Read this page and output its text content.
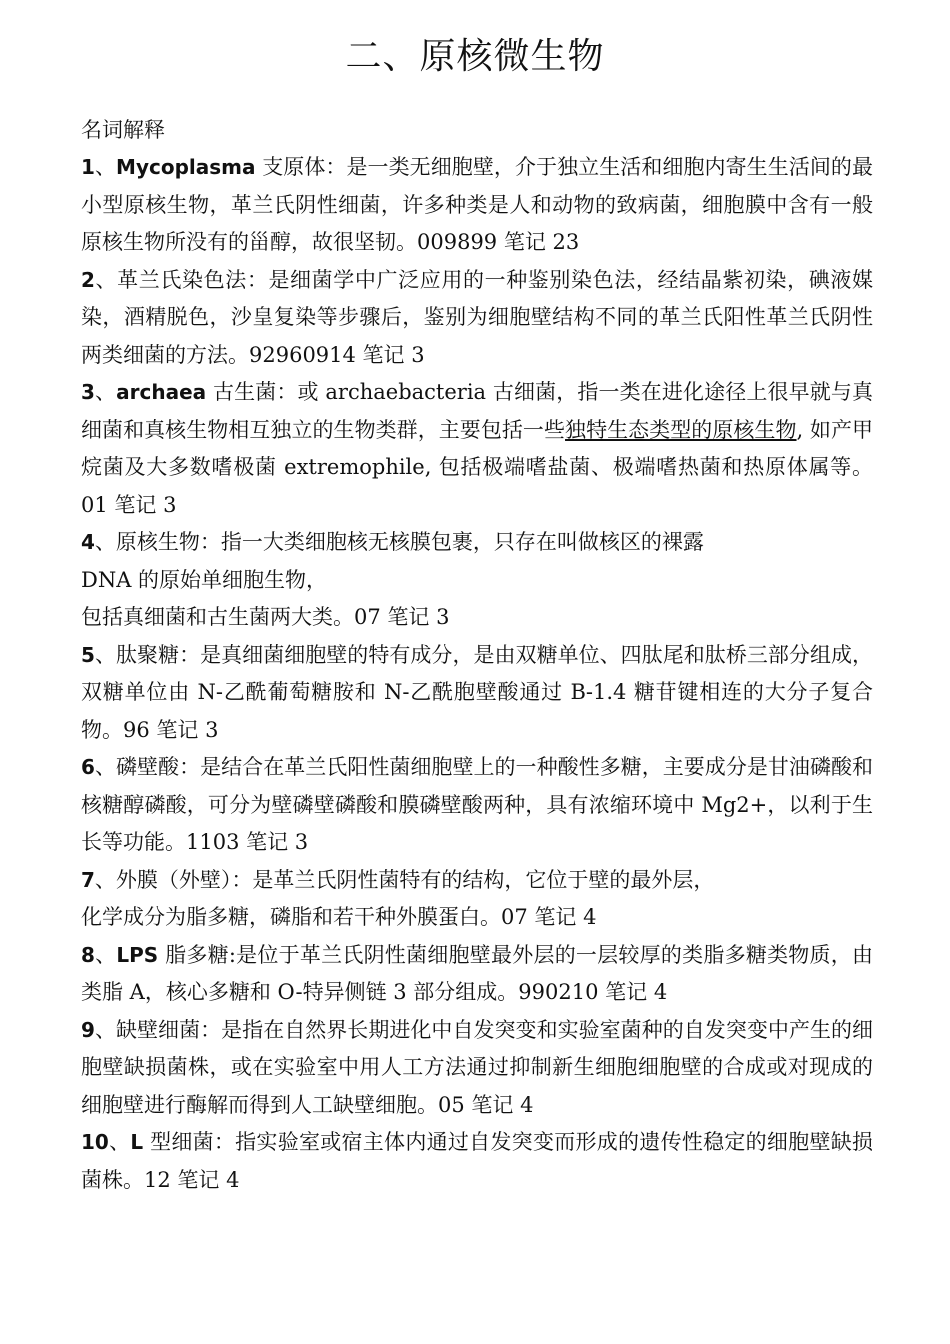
二、原核微生物
名词解释

1、Mycoplasma 支原体：是一类无细胞壁，介于独立生活和细胞内寄生生活间的最小型原核生物，革兰氏阴性细菌，许多种类是人和动物的致病菌，细胞膜中含有一般原核生物所没有的甾醇，故很坚韧。009899 笔记 23

2、革兰氏染色法：是细菌学中广泛应用的一种鉴别染色法，经结晶紫初染，碘液媒染，酒精脱色，沙皇复染等步骤后，鉴别为细胞壁结构不同的革兰氏阳性革兰氏阴性两类细菌的方法。92960914 笔记 3

3、archaea 古生菌：或 archaebacteria 古细菌，指一类在进化途径上很早就与真细菌和真核生物相互独立的生物类群，主要包括一些独特生态类型的原核生物, 如产甲烷菌及大多数嗜极菌 extremophile, 包括极端嗜盐菌、极端嗜热菌和热原体属等。01 笔记 3

4、原核生物：指一大类细胞核无核膜包裹，只存在叫做核区的裸露
DNA 的原始单细胞生物，
包括真细菌和古生菌两大类。07 笔记 3

5、肽聚糖：是真细菌细胞壁的特有成分，是由双糖单位、四肽尾和肽桥三部分组成，双糖单位由 N-乙酰葡萄糖胺和 N-乙酰胞壁酸通过 Β-1.4 糖苷键相连的大分子复合物。96 笔记 3

6、磷壁酸：是结合在革兰氏阳性菌细胞壁上的一种酸性多糖，主要成分是甘油磷酸和核糖醇磷酸，可分为壁磷壁磷酸和膜磷壁酸两种，具有浓缩环境中 Mg2+，以利于生长等功能。1103 笔记 3

7、外膜（外壁）：是革兰氏阴性菌特有的结构，它位于壁的最外层，
化学成分为脂多糖，磷脂和若干种外膜蛋白。07 笔记 4

8、LPS 脂多糖:是位于革兰氏阴性菌细胞壁最外层的一层较厚的类脂多糖类物质，由类脂 A，核心多糖和 O-特异侧链 3 部分组成。990210 笔记 4

9、缺壁细菌：是指在自然界长期进化中自发突变和实验室菌种的自发突变中产生的细胞壁缺损菌株，或在实验室中用人工方法通过抑制新生细胞细胞壁的合成或对现成的细胞壁进行酶解而得到人工缺壁细胞。05 笔记 4

10、L 型细菌：指实验室或宿主体内通过自发突变而形成的遗传性稳定的细胞壁缺损菌株。12 笔记 4
